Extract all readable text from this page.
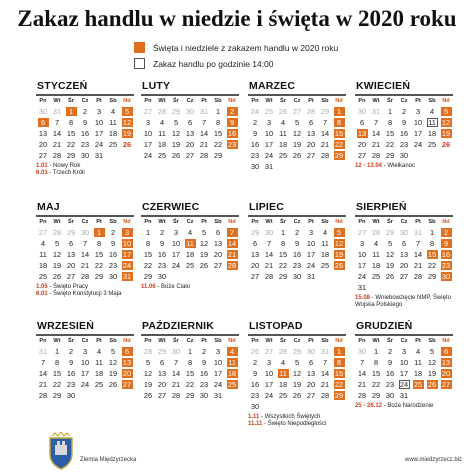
Zakaz handlu w niedzie i święta w 2020 roku
Święta i niedziele z zakazem handlu w 2020 roku
Zakaz handlu po godzinie 14:00
STYCZEŃ
Pn	Wt	Śr	Cz	Pt	Sb	Nd
30 31	1	2	3	4	5
6	7	8	9	10 11 12
13 14 15 16 17 18 19
20 21 22 23 24 25 26
27 28 29 30 31
1.01 - Nowy Rok
6.01 - Trzech Króli
LUTY
Pn	Wt	Śr	Cz	Pt	Sb	Nd
27 28 29 30 31	1	2
3	4	5	6	7	8	9
10 11 12 13 14 15 16
17 18 19 20 21 22 23
24 25 26 27 28 29
MARZEC
Pn	Wt	Śr	Cz	Pt	Sb	Nd
24 25 26 27 28 29	1
2	3	4	5	6	7	8
9	10 11 12 13 14 15
16 17 18 19 20 21 22
23 24 25 26 27 28 29
30 31
KWIECIEŃ
Pn	Wt	Śr	Cz	Pt	Sb	Nd
30 31	1	2	3	4	5
6	7	8	9	10 11 12
13 14 15 16 17 18 19
20 21 22 23 24 25 26
27 28 29 30
12 - 13.04 - Wielkanoc
MAJ
Pn	Wt	Śr	Cz	Pt	Sb	Nd
27 28 29 30	1	2	3
4	5	6	7	8	9	10
11 12 13 14 15 16 17
18 19 20 21 22 23 24
25 26 27 28 29 30 31
1.05 - Święto Pracy
6.01 - Święto Konstytucji 3 Maja
CZERWIEC
Pn	Wt	Śr	Cz	Pt	Sb	Nd
1	2	3	4	5	6	7
8	9	10 11 12 13 14
15 16 17 18 19 20 21
22 23 24 25 26 27 28
29 30
11.06 - Boże Ciało
LIPIEC
Pn	Wt	Śr	Cz	Pt	Sb	Nd
29 30	1	2	3	4	5
6	7	8	9	10 11 12
13 14 15 16 17 18 19
20 21 22 23 24 25 26
27 28 29 30 31
SIERPIEŃ
Pn	Wt	Śr	Cz	Pt	Sb	Nd
27 28 29 30 31	1	2
3	4	5	6	7	8	9
10 11 12 13 14 15 16
17 18 19 20 21 22 23
24 25 26 27 28 29 30
31
15.08 - Wniebowzięcie NMP, Święto Wojska Polskiego
WRZESIEŃ
Pn	Wt	Śr	Cz	Pt	Sb	Nd
31	1	2	3	4	5	6
7	8	9	10 11 12 13
14 15 16 17 18 19 20
21 22 23 24 25 26 27
28 29 30
PAŹDZIERNIK
Pn	Wt	Śr	Cz	Pt	Sb	Nd
28 29 30	1	2	3	4
5	6	7	8	9	10 11
12 13 14 15 16 17 18
19 20 21 22 23 24 25
26 27 28 29 30 31
LISTOPAD
Pn	Wt	Śr	Cz	Pt	Sb	Nd
26 27 28 29 30 31	1
2	3	4	5	6	7	8
9	10 11 12 13 14 15
16 17 18 19 20 21 22
23 24 25 26 27 28 29
30
1.11 - Wszystkich Świętych
11.11 - Święto Niepodległości
GRUDZIEŃ
Pn	Wt	Śr	Cz	Pt	Sb	Nd
30	1	2	3	4	5	6
7	8	9	10 11 12 13
14 15 16 17 18 19 20
21 22 23 24 25 26 27
28 29 30 31
25 - 26.12 - Boże Narodzenie
Ziemia Międzyrzecka	www.miedzyrzecz.biz
